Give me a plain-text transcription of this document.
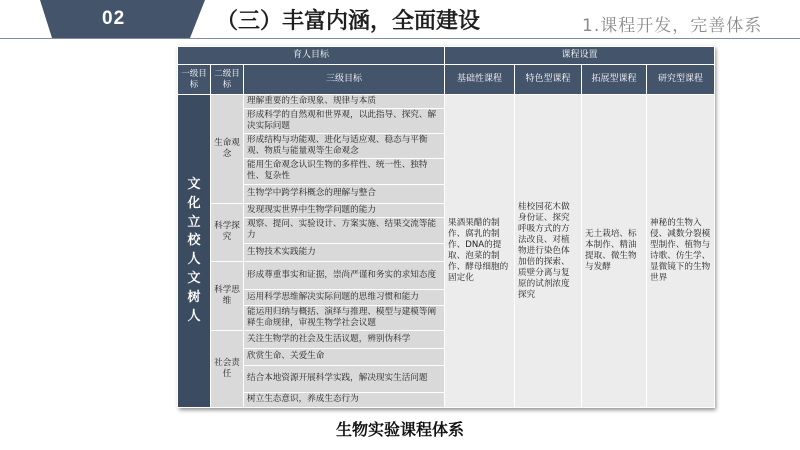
02	（三）丰富内涵，全面建设	1.课程开发，完善体系
育人目标			课程设置			
一级目标	二级目标	三级目标	基础性课程	特色型课程	拓展型课程	研究型课程
文化立校 人文树人	生命观念	理解重要的生命现象、规律与本质	果酒果醋的制作、腐乳的制作、DNA的提取、泡菜的制作、酵母细胞的固定化	桂校园花木做身份证、探究呼吸方式的方法改良、对植物进行染色体加倍的探索、质壁分离与复原的试剂浓度探究	无土栽培、标本制作、精油提取、微生物与发酵	神秘的生物入侵、减数分裂模型制作、植物与诗歌、仿生学、显微镜下的生物世界
		形成科学的自然观和世界观，以此指导、探究、解决实际问题				
		形成结构与功能观、进化与适应观、稳态与平衡观、物质与能量观等生命观念				
		能用生命观念认识生物的多样性、统一性、独特性、复杂性				
		生物学中跨学科概念的理解与整合				
	科学探究	发现现实世界中生物学问题的能力				
		观察、提问、实验设计、方案实施、结果交流等能力				
		生物技术实践能力				
	科学思维	形成尊重事实和证据，崇尚严谨和务实的求知态度				
		运用科学思维解决实际问题的思维习惯和能力				
		能运用归纳与概括、演绎与推理、模型与建模等阐释生命规律，审视生物学社会议题				
	社会责任	关注生物学的社会及生活议题，辨别伪科学				
		欣赏生命、关爱生命				
		结合本地资源开展科学实践，解决现实生活问题				
		树立生态意识，养成生态行为				
生物实验课程体系
